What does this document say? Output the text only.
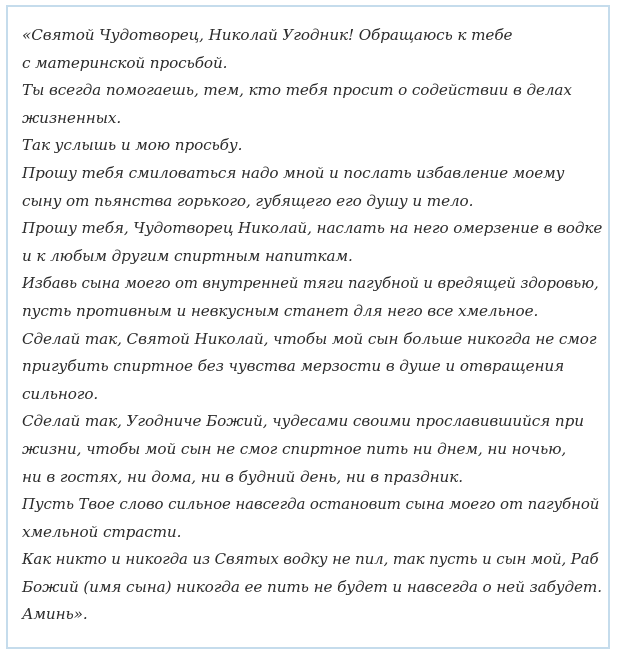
«Святой Чудотворец, Николай Угодник! Обращаюсь к тебе
с материнской просьбой.
Ты всегда помогаешь, тем, кто тебя просит о содействии в делах
жизненных.
Так услышь и мою просьбу.
Прошу тебя смиловаться надо мной и послать избавление моему
сыну от пьянства горького, губящего его душу и тело.
Прошу тебя, Чудотворец Николай, наслать на него омерзение в водке
и к любым другим спиртным напиткам.
Избавь сына моего от внутренней тяги пагубной и вредящей здоровью,
пусть противным и невкусным станет для него все хмельное.
Сделай так, Святой Николай, чтобы мой сын больше никогда не смог
пригубить спиртное без чувства мерзости в душе и отвращения
сильного.
Сделай так, Угодниче Божий, чудесами своими прославившийся при
жизни, чтобы мой сын не смог спиртное пить ни днем, ни ночью,
ни в гостях, ни дома, ни в будний день, ни в праздник.
Пусть Твое слово сильное навсегда остановит сына моего от пагубной
хмельной страсти.
Как никто и никогда из Святых водку не пил, так пусть и сын мой, Раб
Божий (имя сына) никогда ее пить не будет и навсегда о ней забудет.
Аминь».
